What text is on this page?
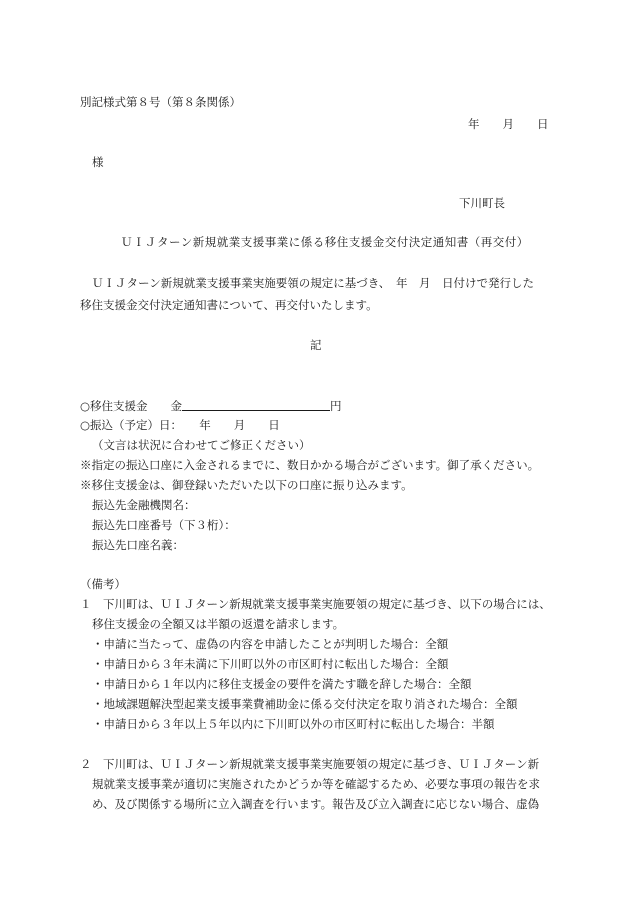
別記様式第８号（第８条関係）
年　　月　　日
様
下川町長
ＵＩＪターン新規就業支援事業に係る移住支援金交付決定通知書（再交付）
ＵＩＪターン新規就業支援事業実施要領の規定に基づき、　年　月　日付けで発行した
移住支援金交付決定通知書について、再交付いたします。
記
○移住支援金　　金	円
○振込（予定）日：　　年　　月　　日
（文言は状況に合わせてご修正ください）
※指定の振込口座に入金されるまでに、数日かかる場合がございます。御了承ください。
※移住支援金は、御登録いただいた以下の口座に振り込みます。
振込先金融機関名：
振込先口座番号（下３桁）：
振込先口座名義：
（備考）
１　下川町は、ＵＩＪターン新規就業支援事業実施要領の規定に基づき、以下の場合には、
移住支援金の全額又は半額の返還を請求します。
・申請に当たって、虚偽の内容を申請したことが判明した場合：全額
・申請日から３年未満に下川町以外の市区町村に転出した場合：全額
・申請日から１年以内に移住支援金の要件を満たす職を辞した場合：全額
・地域課題解決型起業支援事業費補助金に係る交付決定を取り消された場合：全額
・申請日から３年以上５年以内に下川町以外の市区町村に転出した場合：半額
２　下川町は、ＵＩＪターン新規就業支援事業実施要領の規定に基づき、ＵＩＪターン新
規就業支援事業が適切に実施されたかどうか等を確認するため、必要な事項の報告を求
め、及び関係する場所に立入調査を行います。報告及び立入調査に応じない場合、虚偽
